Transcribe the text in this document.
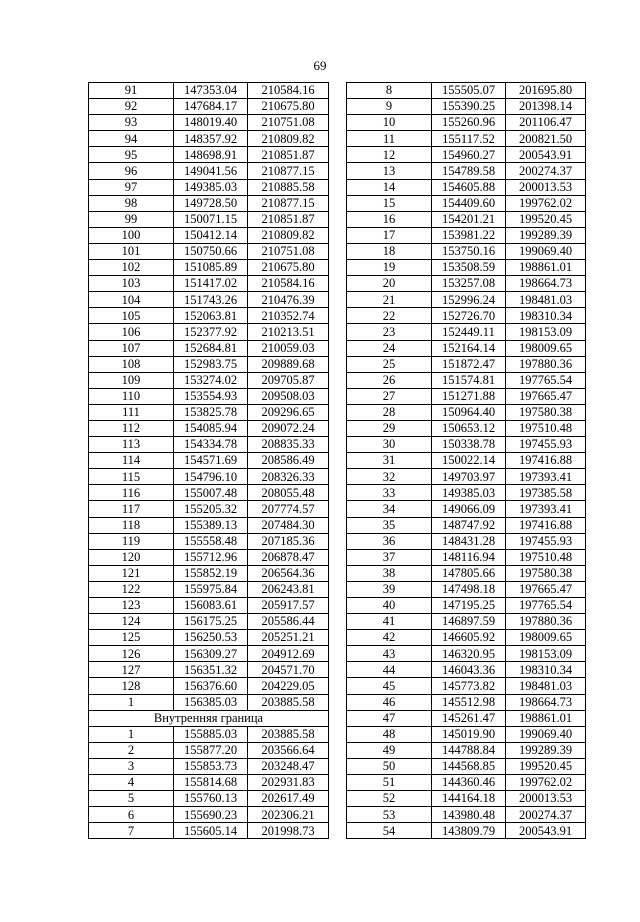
69
91	147353.04	210584.16
92	147684.17	210675.80
93	148019.40	210751.08
94	148357.92	210809.82
95	148698.91	210851.87
96	149041.56	210877.15
97	149385.03	210885.58
98	149728.50	210877.15
99	150071.15	210851.87
100	150412.14	210809.82
101	150750.66	210751.08
102	151085.89	210675.80
103	151417.02	210584.16
104	151743.26	210476.39
105	152063.81	210352.74
106	152377.92	210213.51
107	152684.81	210059.03
108	152983.75	209889.68
109	153274.02	209705.87
110	153554.93	209508.03
111	153825.78	209296.65
112	154085.94	209072.24
113	154334.78	208835.33
114	154571.69	208586.49
115	154796.10	208326.33
116	155007.48	208055.48
117	155205.32	207774.57
118	155389.13	207484.30
119	155558.48	207185.36
120	155712.96	206878.47
121	155852.19	206564.36
122	155975.84	206243.81
123	156083.61	205917.57
124	156175.25	205586.44
125	156250.53	205251.21
126	156309.27	204912.69
127	156351.32	204571.70
128	156376.60	204229.05
1	156385.03	203885.58
Внутренняя граница		
1	155885.03	203885.58
2	155877.20	203566.64
3	155853.73	203248.47
4	155814.68	202931.83
5	155760.13	202617.49
6	155690.23	202306.21
7	155605.14	201998.73
8	155505.07	201695.80
9	155390.25	201398.14
10	155260.96	201106.47
11	155117.52	200821.50
12	154960.27	200543.91
13	154789.58	200274.37
14	154605.88	200013.53
15	154409.60	199762.02
16	154201.21	199520.45
17	153981.22	199289.39
18	153750.16	199069.40
19	153508.59	198861.01
20	153257.08	198664.73
21	152996.24	198481.03
22	152726.70	198310.34
23	152449.11	198153.09
24	152164.14	198009.65
25	151872.47	197880.36
26	151574.81	197765.54
27	151271.88	197665.47
28	150964.40	197580.38
29	150653.12	197510.48
30	150338.78	197455.93
31	150022.14	197416.88
32	149703.97	197393.41
33	149385.03	197385.58
34	149066.09	197393.41
35	148747.92	197416.88
36	148431.28	197455.93
37	148116.94	197510.48
38	147805.66	197580.38
39	147498.18	197665.47
40	147195.25	197765.54
41	146897.59	197880.36
42	146605.92	198009.65
43	146320.95	198153.09
44	146043.36	198310.34
45	145773.82	198481.03
46	145512.98	198664.73
47	145261.47	198861.01
48	145019.90	199069.40
49	144788.84	199289.39
50	144568.85	199520.45
51	144360.46	199762.02
52	144164.18	200013.53
53	143980.48	200274.37
54	143809.79	200543.91
